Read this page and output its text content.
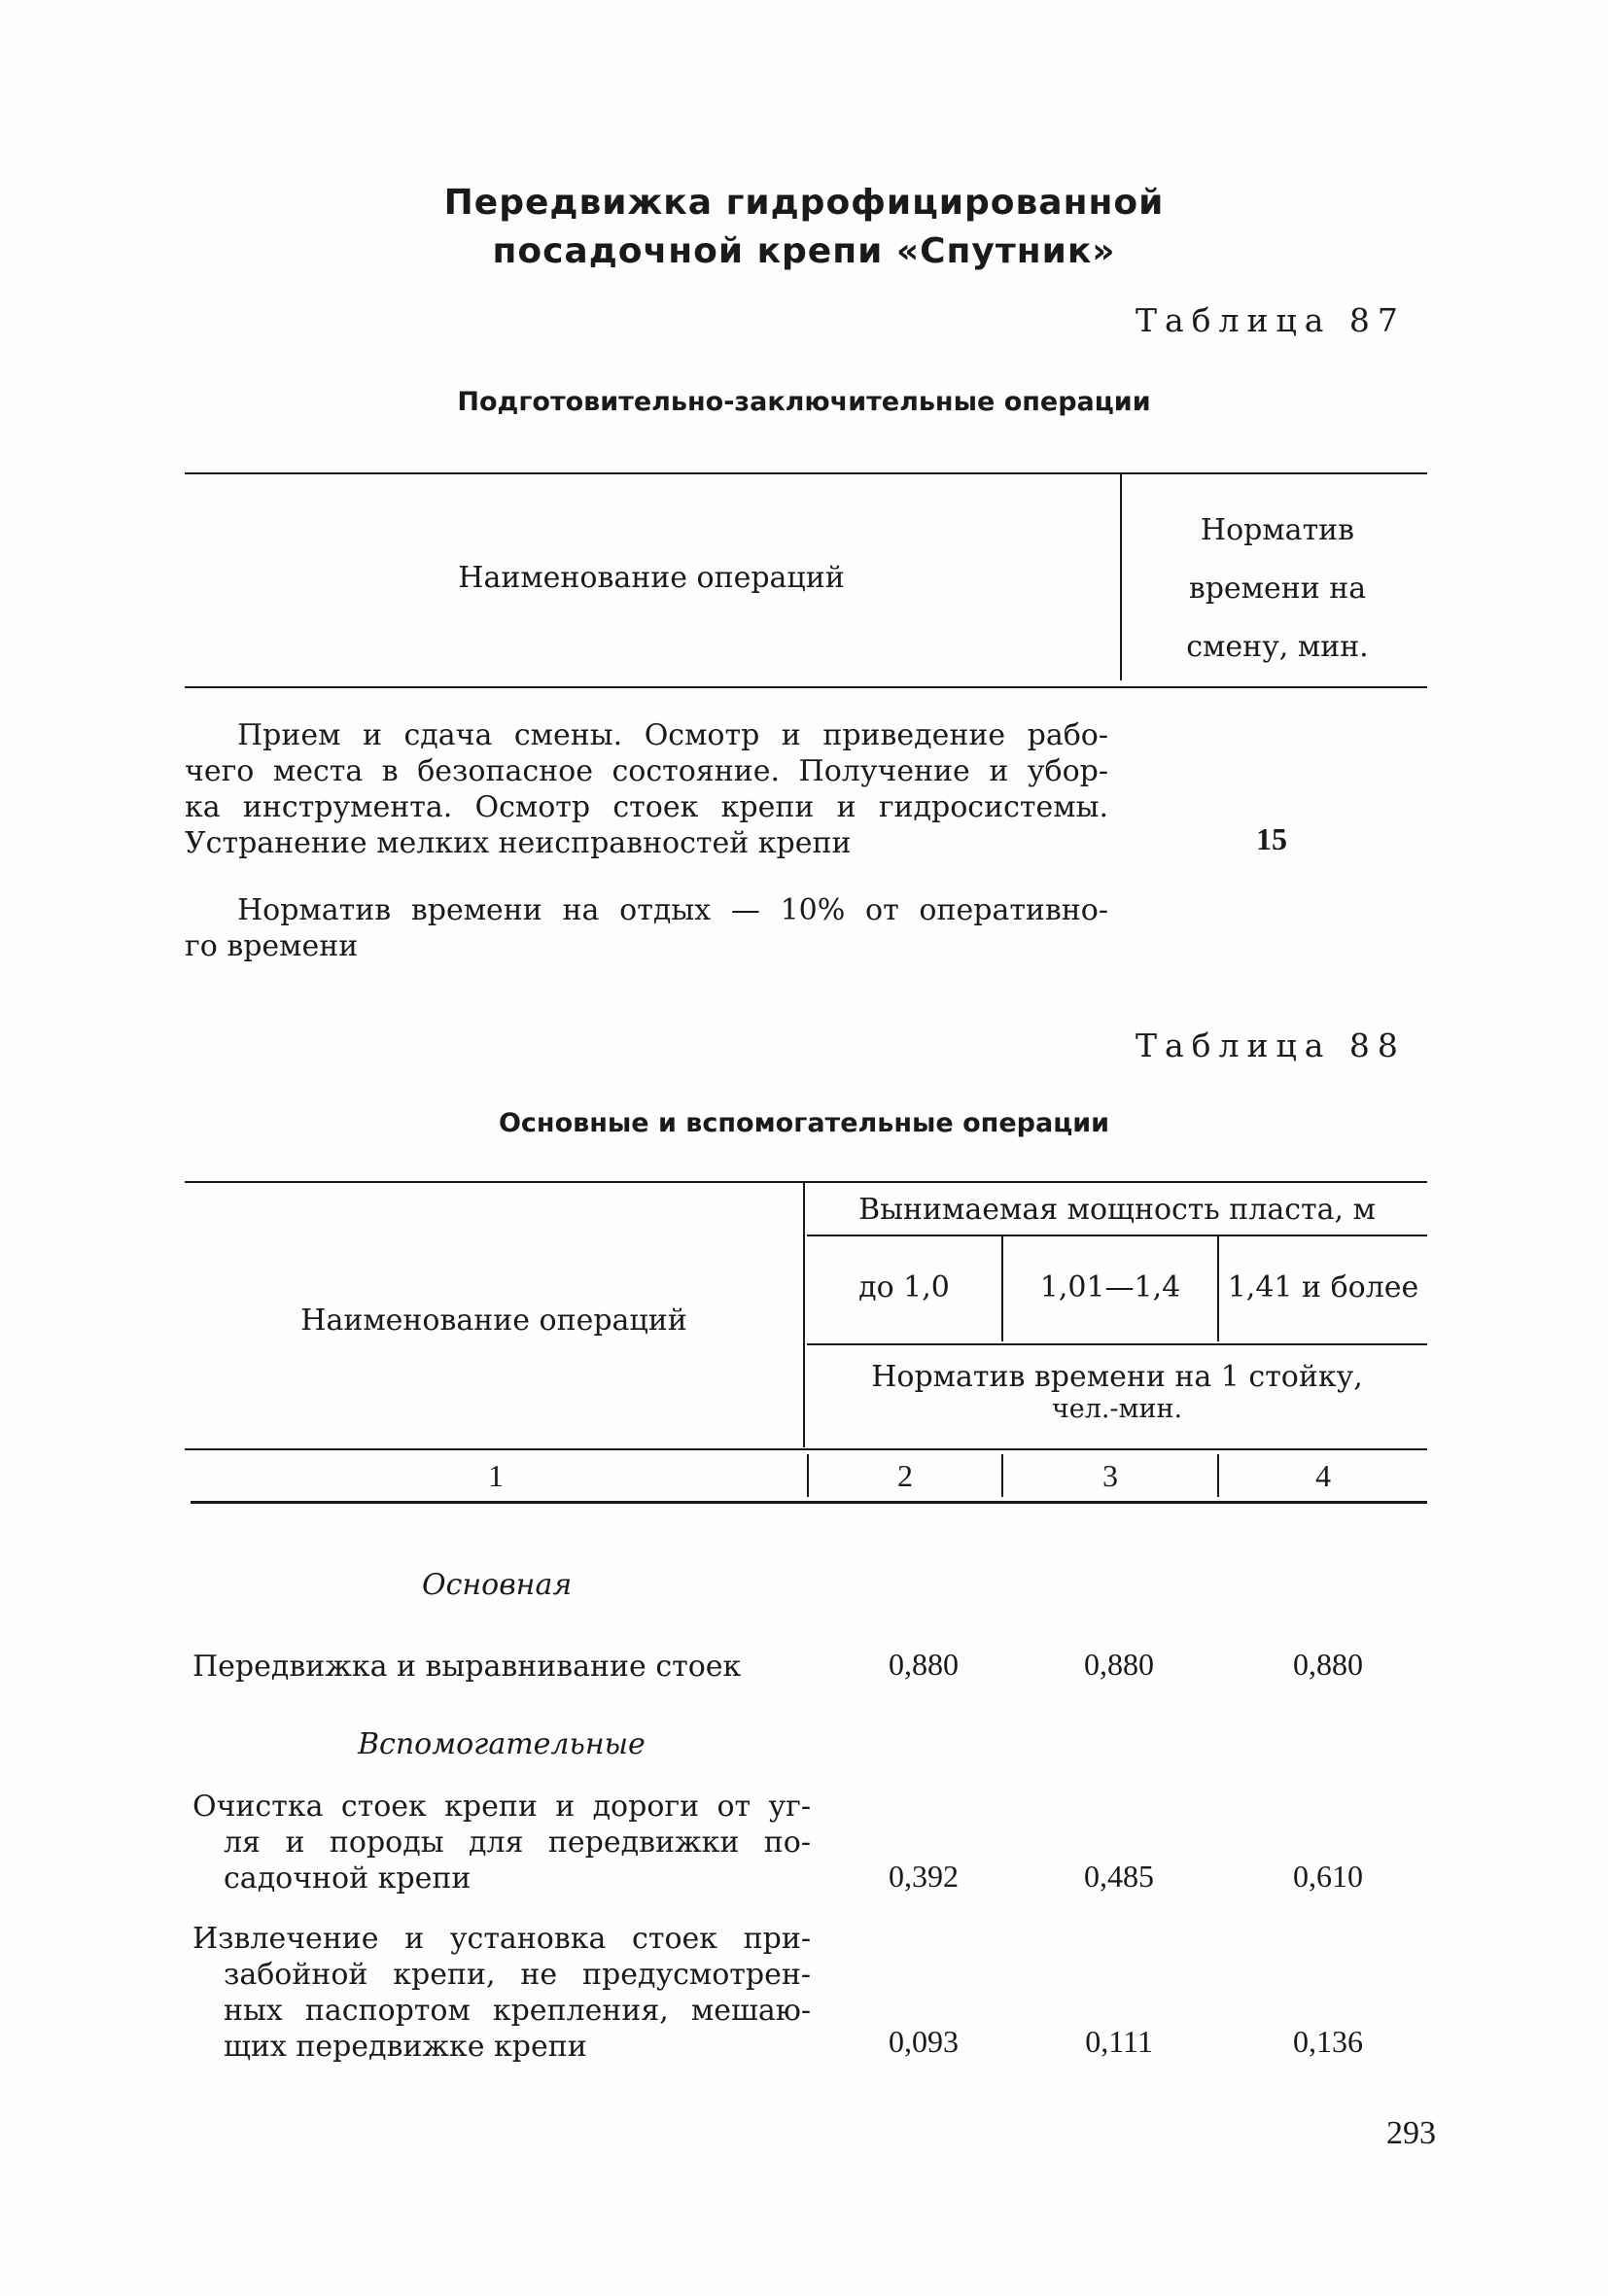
Передвижка гидрофицированной
посадочной крепи «Спутник»
Таблица 87
Подготовительно-заключительные операции
Наименование операций
Норматив
времени на
смену, мин.
Прием и сдача смены. Осмотр и приведение рабо-
чего места в безопасное состояние. Получение и убор-
ка инструмента. Осмотр стоек крепи и гидросистемы.
Устранение мелких неисправностей крепи	15
Норматив времени на отдых — 10% от оперативно-
го времени
Таблица 88
Основные и вспомогательные операции
Наименование операций
Вынимаемая мощность пласта, м
до 1,0	1,01—1,4	1,41 и более
Норматив времени на 1 стойку,
чел.-мин.
1	2	3	4
Основная
Передвижка и выравнивание стоек	0,880	0,880	0,880
Вспомогательные
Очистка стоек крепи и дороги от уг-
ля и породы для передвижки по-
садочной крепи	0,392	0,485	0,610
Извлечение и установка стоек при-
забойной крепи, не предусмотрен-
ных паспортом крепления, мешаю-
щих передвижке крепи	0,093	0,111	0,136
293
